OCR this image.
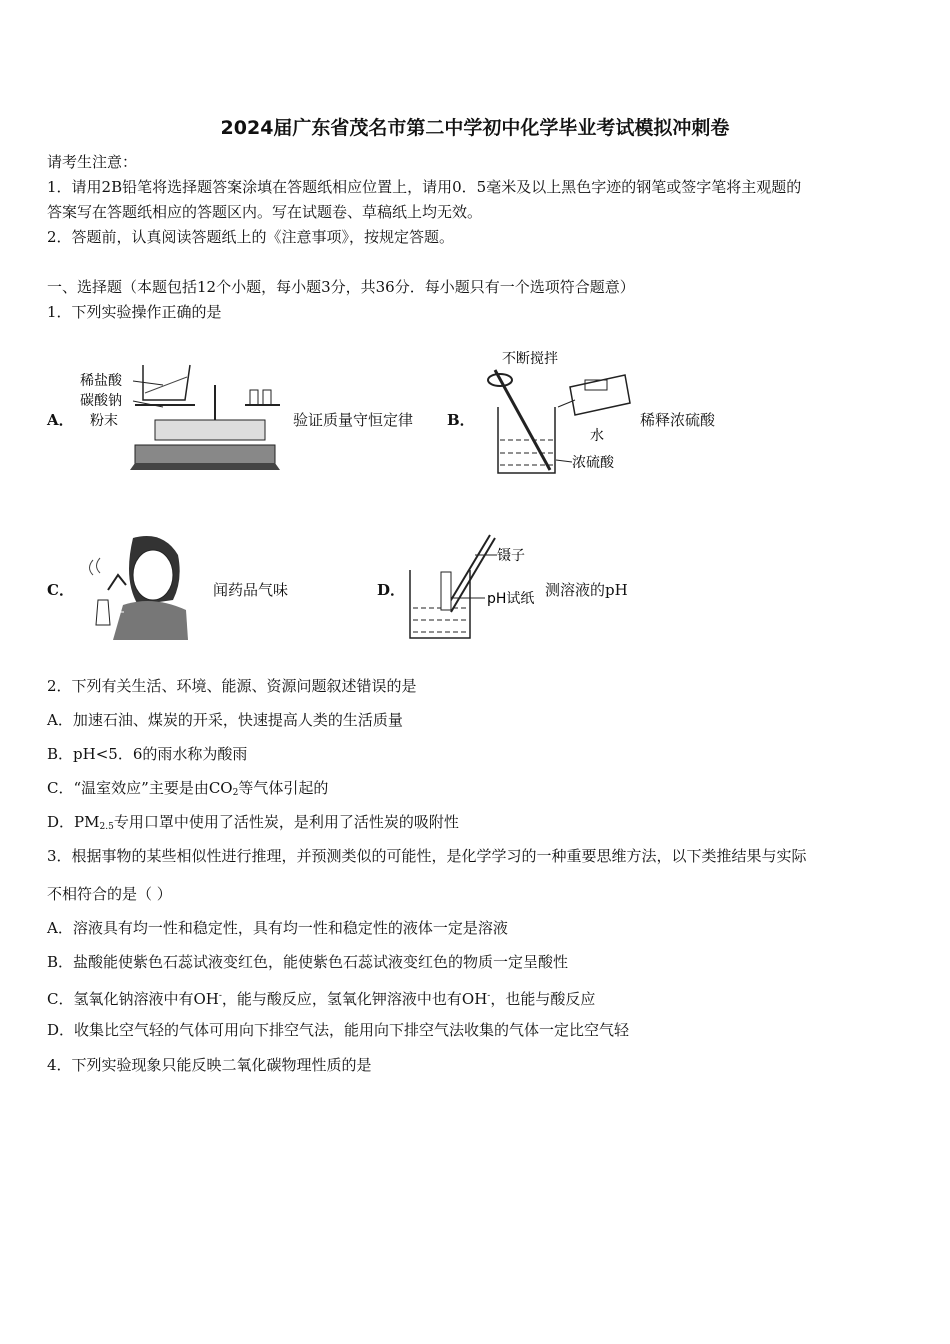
2024届广东省茂名市第二中学初中化学毕业考试模拟冲刺卷
请考生注意：
1．请用2B铅笔将选择题答案涂填在答题纸相应位置上，请用0．5毫米及以上黑色字迹的钢笔或签字笔将主观题的
答案写在答题纸相应的答题区内。写在试题卷、草稿纸上均无效。
2．答题前，认真阅读答题纸上的《注意事项》，按规定答题。
一、选择题（本题包括12个小题，每小题3分，共36分．每小题只有一个选项符合题意）
1．下列实验操作正确的是
A．
稀盐酸
碳酸钠
粉末	验证质量守恒定律 B．
不断搅拌
水
浓硫酸
稀释浓硫酸
C．	闻药品气味	D．
镊子
pH试纸 测溶液的pH
2．下列有关生活、环境、能源、资源问题叙述错误的是
A．加速石油、煤炭的开采，快速提高人类的生活质量
B．pH<5．6的雨水称为酸雨
C．“温室效应”主要是由$CO_2$等气体引起的
D．$PM_{2.5}$专用口罩中使用了活性炭，是利用了活性炭的吸附性
3．根据事物的某些相似性进行推理，并预测类似的可能性，是化学学习的一种重要思维方法，以下类推结果与实际
不相符合的是（ ）
A．溶液具有均一性和稳定性，具有均一性和稳定性的液体一定是溶液
B．盐酸能使紫色石蕊试液变红色，能使紫色石蕊试液变红色的物质一定呈酸性
C．氢氧化钠溶液中有OH-，能与酸反应，氢氧化钾溶液中也有OH-，也能与酸反应
D．收集比空气轻的气体可用向下排空气法，能用向下排空气法收集的气体一定比空气轻
4．下列实验现象只能反映二氧化碳物理性质的是
